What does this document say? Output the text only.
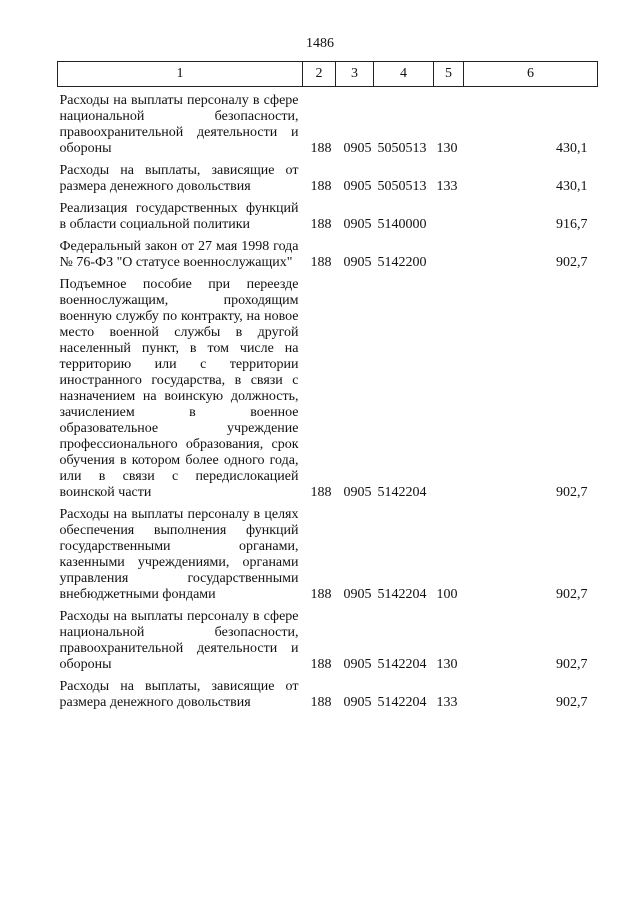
1486
1	2	3	4	5	6

Расходы на выплаты персоналу в сфере национальной безопасности, правоохранительной деятельности и обороны	188	0905	5050513	130	430,1

Расходы на выплаты, зависящие от размера денежного довольствия	188	0905	5050513	133	430,1

Реализация государственных функций в области социальной политики	188	0905	5140000		916,7

Федеральный закон от 27 мая 1998 года № 76-ФЗ "О статусе военнослужащих"	188	0905	5142200		902,7

Подъемное пособие при переезде военнослужащим, проходящим военную службу по контракту, на новое место военной службы в другой населенный пункт, в том числе на территорию или с территории иностранного государства, в связи с назначением на воинскую должность, зачислением в военное образовательное учреждение профессионального образования, срок обучения в котором более одного года, или в связи с передислокацией воинской части	188	0905	5142204		902,7

Расходы на выплаты персоналу в целях обеспечения выполнения функций государственными органами, казенными учреждениями, органами управления государственными внебюджетными фондами	188	0905	5142204	100	902,7

Расходы на выплаты персоналу в сфере национальной безопасности, правоохранительной деятельности и обороны	188	0905	5142204	130	902,7

Расходы на выплаты, зависящие от размера денежного довольствия	188	0905	5142204	133	902,7
